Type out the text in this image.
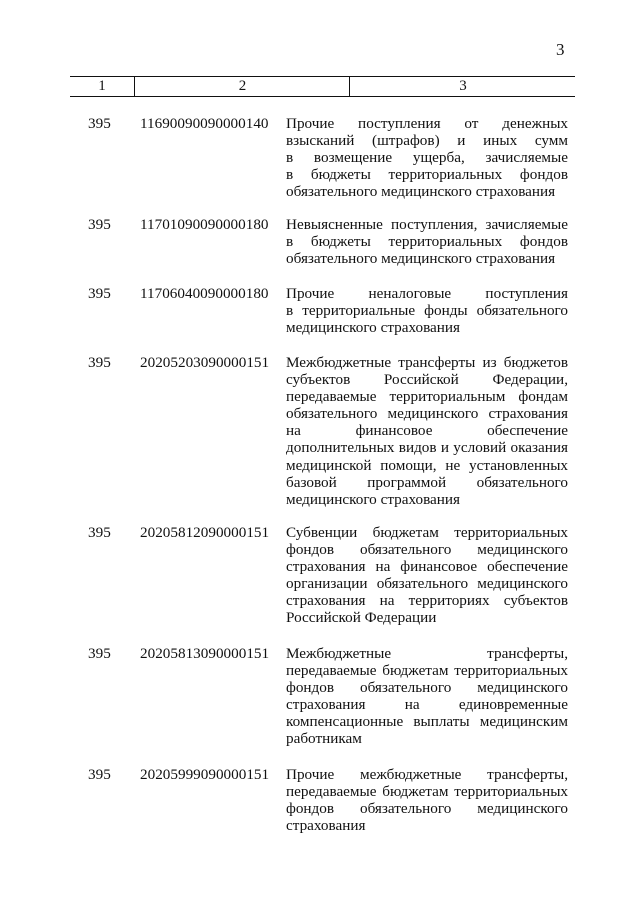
3
1	2	3
395 11690090090000140 Прочие поступления от денежных
взысканий (штрафов) и иных сумм
в возмещение ущерба, зачисляемые
в бюджеты территориальных фондов
обязательного медицинского страхования
395 11701090090000180 Невыясненные поступления, зачисляемые
в бюджеты территориальных фондов
обязательного медицинского страхования
395 11706040090000180 Прочие неналоговые поступления
в территориальные фонды обязательного
медицинского страхования
395 20205203090000151 Межбюджетные трансферты из бюджетов
субъектов Российской Федерации,
передаваемые территориальным фондам
обязательного медицинского страхования
на финансовое обеспечение
дополнительных видов и условий оказания
медицинской помощи, не установленных
базовой программой обязательного
медицинского страхования
395 20205812090000151 Субвенции бюджетам территориальных
фондов обязательного медицинского
страхования на финансовое обеспечение
организации обязательного медицинского
страхования на территориях субъектов
Российской Федерации
395 20205813090000151 Межбюджетные трансферты,
передаваемые бюджетам территориальных
фондов обязательного медицинского
страхования на единовременные
компенсационные выплаты медицинским
работникам
395 20205999090000151 Прочие межбюджетные трансферты,
передаваемые бюджетам территориальных
фондов обязательного медицинского
страхования
